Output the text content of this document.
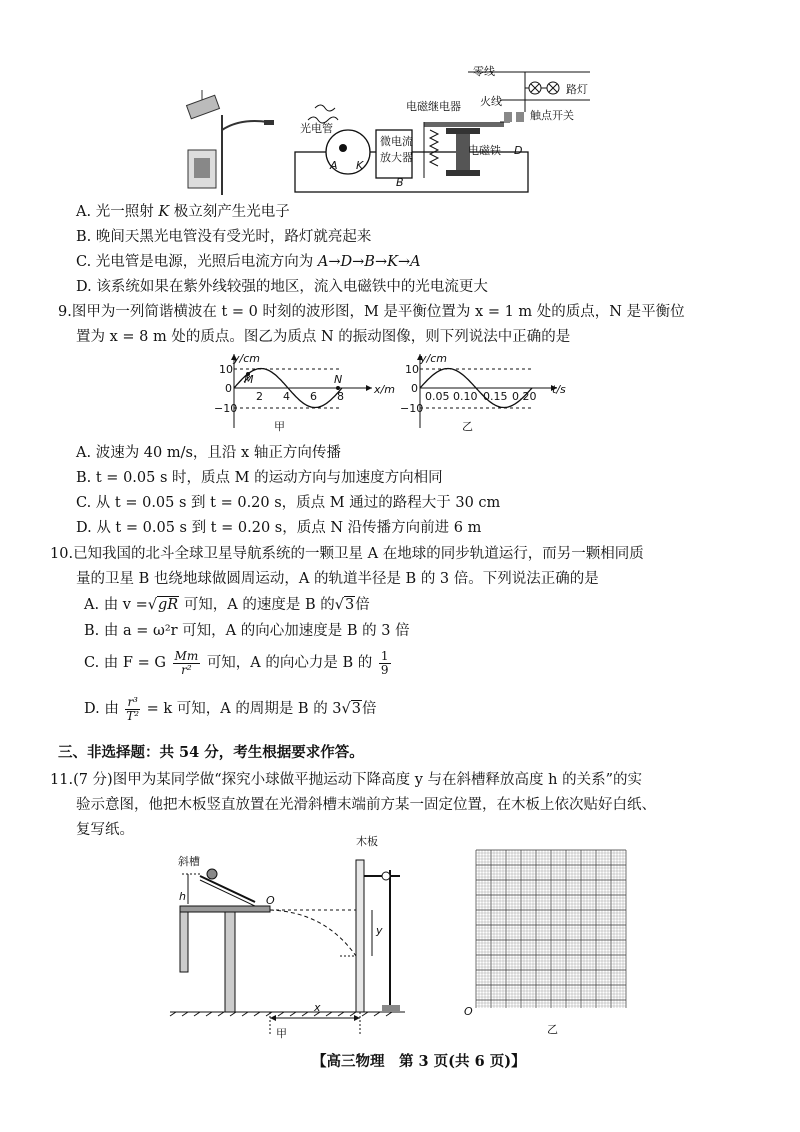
零线
火线
路灯
触点开关
电磁继电器
光电管
微电流
放大器
电磁铁
A K
B
D
A. 光一照射 K 极立刻产生光电子
B. 晚间天黑光电管没有受光时，路灯就亮起来
C. 光电管是电源，光照后电流方向为 A→D→B→K→A
D. 该系统如果在紫外线较强的地区，流入电磁铁中的光电流更大
9.图甲为一列简谐横波在 t = 0 时刻的波形图，M 是平衡位置为 x = 1 m 处的质点，N 是平衡位
置为 x = 8 m 处的质点。图乙为质点 N 的振动图像，则下列说法中正确的是
y/cm
x/m
10
0
−10
2 4 6 8
M	N
甲
y/cm
t/s
10
0
−10
0.05 0.10 0.15 0.20
乙
A. 波速为 40 m/s，且沿 x 轴正方向传播
B. t = 0.05 s 时，质点 M 的运动方向与加速度方向相同
C. 从 t = 0.05 s 到 t = 0.20 s，质点 M 通过的路程大于 30 cm
D. 从 t = 0.05 s 到 t = 0.20 s，质点 N 沿传播方向前进 6 m
10.已知我国的北斗全球卫星导航系统的一颗卫星 A 在地球的同步轨道运行，而另一颗相同质
量的卫星 B 也绕地球做圆周运动，A 的轨道半径是 B 的 3 倍。下列说法正确的是
A. 由 v =√gR 可知，A 的速度是 B 的√3倍
B. 由 a = ω²r 可知，A 的向心加速度是 B 的 3 倍
C. 由 F = G $\frac{Mm}{\text{r²}}$ 可知，A 的向心力是 B 的 $\frac{1}{9}$
D. 由 $\frac{\text{r³}}{\text{T²}} = k$ 可知，A 的周期是 B 的 3√3倍
三、非选择题：共 54 分，考生根据要求作答。
11.(7 分)图甲为某同学做“探究小球做平抛运动下降高度 y 与在斜槽释放高度 h 的关系”的实
验示意图，他把木板竖直放置在光滑斜槽末端前方某一固定位置，在木板上依次贴好白纸、
复写纸。
斜槽
木板
h	O
y
x
甲
O
乙
【高三物理　第 3 页(共 6 页)】
